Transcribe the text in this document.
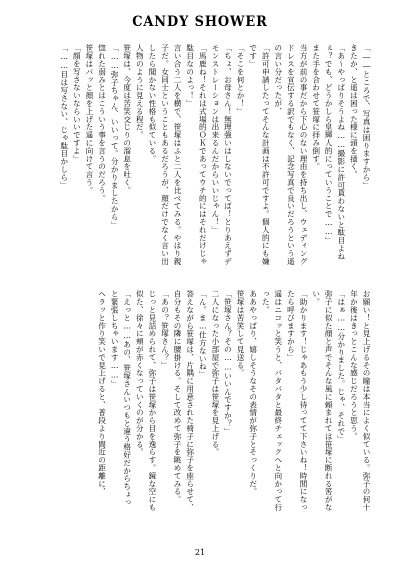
CANDY SHOWER

「――ところで、写真は困りますから」

きたか、と遥は困った様に頭を掻く。

「あ〜やっぱりそうよね……撮影に許可貰わないと駄目よねぇ？でも、どうかしら皇輝人的にっていうことで……」

また手を合わせて笹塚に拝み倒す。

当方が前の事だから下心のない理由を持ち出し、ウェディングドレスを宣伝する訳でもなく、記念写真で良いだろうという遥の言い分だったが、

「許可申請したってそんな計画は不許可ですよ。個人的にも嫌です」

「そこを何とか！」

「ちょ、お母さん！無理強いはしないでってば！とりあえずデモンストレーションは出来るんだからいいじゃん！」

「馬鹿ね！それは式場的ＯＫであってウチ的にはそれだけじゃ駄目なのよっ！」

言い合う二人を横で、笹塚はふと二人を比べてみる。やはり親子だ。女同士ということもあるだろうが、顔だけでなく言い出したら聞かない性格も似ている。

人物のように見える程だ。

笹塚は、今度は苦笑交じりの溜息を吐く。

「……弥子ちゃん、いいって。分かりましたから」

惚れた弱みとはこういう事を言うのだろう。

笹塚はパッと顔を上げた遥に向けて言う。

「顔を写さないならいいですよ」

「……目は写さない、じゃ駄目かしら」

お願い！と見上げるその瞳は本当によく似ている。弥子の何十年か後はきっとこんな感じだろうと思う。

「はぁ……分かりました。じゃ、それで」

弥子に似た顔と声でそんな風に頼まれては笹塚に断れる筈がない。

「助かります！じゃあもう少し待ってて下さいね！時間になったら呼びますから」

遥はニコッと笑うと、バタバタと最終チェックへと向かって行った。

ああやっぱり、嬉しそうなその表情が弥子とそっくりだ。

笹塚は苦笑して見送る。

「笹塚さん？その……いいんですか？」

二人になった小部屋で弥子は笹塚を見上げる。

「ん。ま…仕方ないね」

答えながら笹塚は、片隅に用意された椅子に弥子を座らせて、自分もその隣に腰掛ける。そして改めて弥子を眺めてみる。

「あの？笹塚さん？」

じっと見詰められて、弥子は笹塚から目を逸らす。鏡な空にも似た、徐々に頬が赤くなっていくのが分かる。

「えっと……あの、笹塚さんいつもと違う格好だからちょっと緊張しちゃいます……」

ヘラッと作り笑いで見上げると、普段より間近の距離に、

21
